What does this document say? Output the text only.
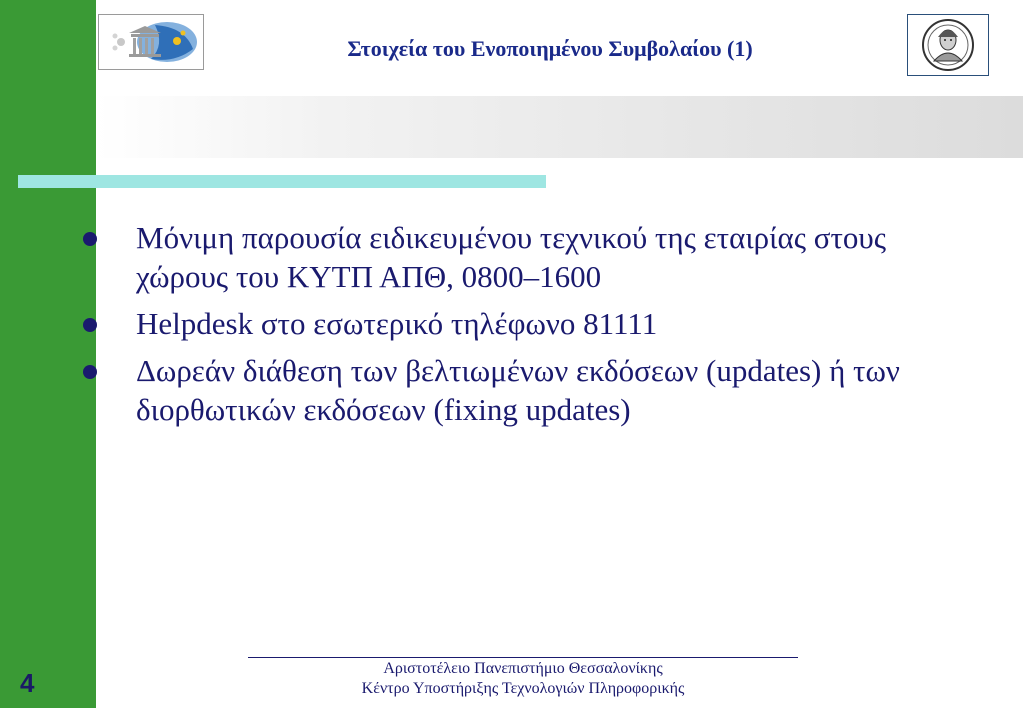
4
Στοιχεία του Ενοποιημένου Συμβολαίου (1)
Μόνιμη παρουσία ειδικευμένου τεχνικού της εταιρίας στους χώρους του ΚΥΤΠ ΑΠΘ, 0800–1600
Helpdesk στο εσωτερικό τηλέφωνο 81111
Δωρεάν διάθεση των βελτιωμένων εκδόσεων (updates) ή των διορθωτικών εκδόσεων (fixing updates)
Αριστοτέλειο Πανεπιστήμιο Θεσσαλονίκης
Κέντρο Υποστήριξης Τεχνολογιών Πληροφορικής
